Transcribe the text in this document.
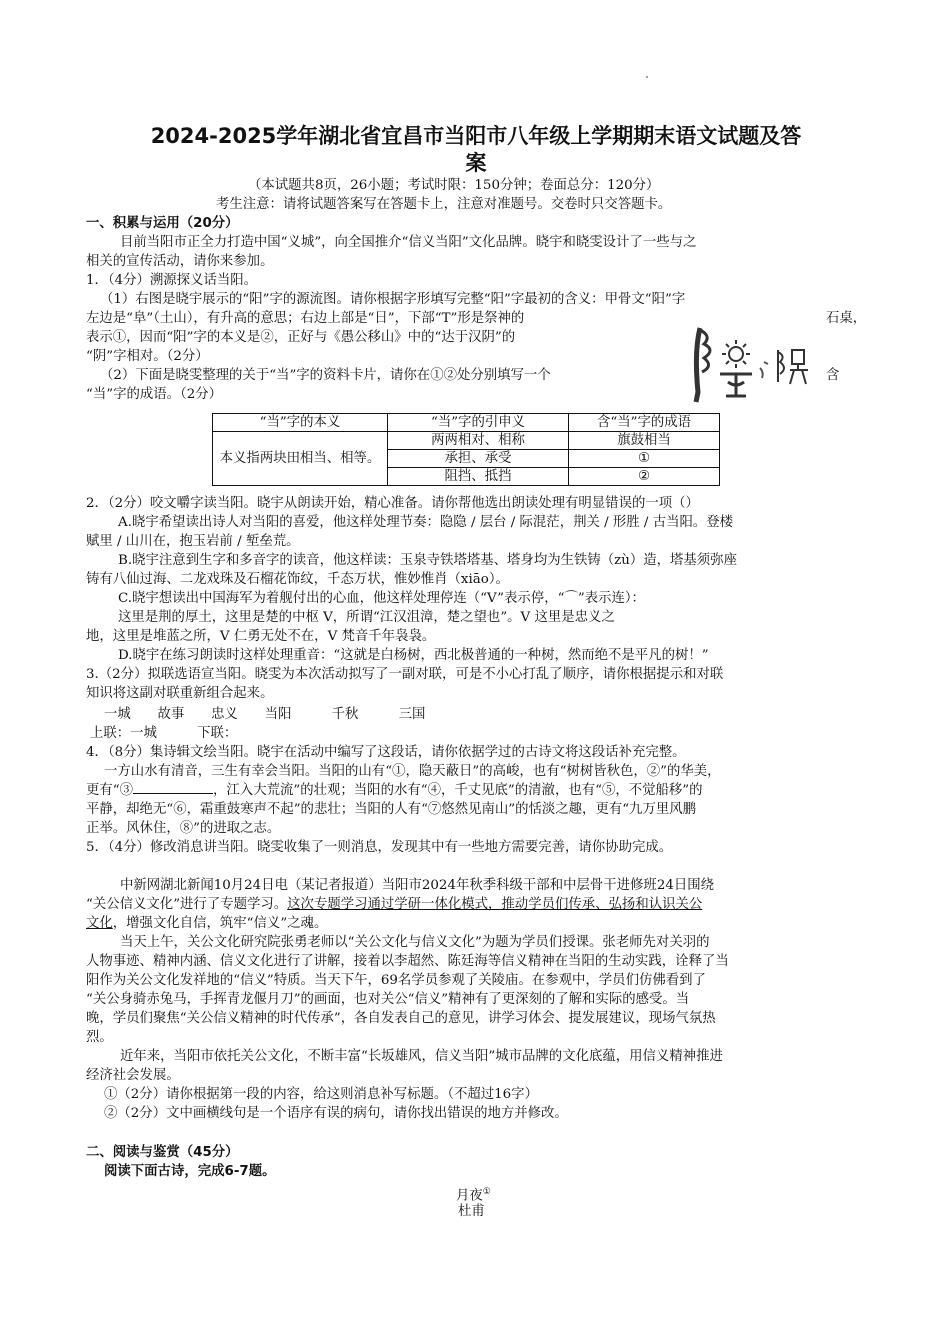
2024-2025学年湖北省宜昌市当阳市八年级上学期期末语文试题及答
案
（本试题共8页，26小题；考试时限：150分钟；卷面总分：120分）
考生注意：请将试题答案写在答题卡上，注意对准题号。交卷时只交答题卡。
一、积累与运用（20分）
目前当阳市正全力打造中国“义城”，向全国推介“信义当阳”文化品牌。晓宇和晓雯设计了一些与之
相关的宣传活动，请你来参加。
1．（4分）溯源探义话当阳。
（1）右图是晓宇展示的“阳”字的源流图。请你根据字形填写完整“阳”字最初的含义：甲骨文“阳”字
左边是“阜”（土山），有升高的意思；右边上部是“日”，下部“T”形是祭神的	石桌，
表示①，因而“阳”字的本义是②，正好与《愚公移山》中的“达于汉阴”的
“阴”字相对。（2分）
（2）下面是晓雯整理的关于“当”字的资料卡片，请你在①②处分别填写一个	含
“当”字的成语。（2分）
“当”字的本义	“当”字的引申义	含“当”字的成语
本义指两块田相当、相等。	两两相对、相称	旗鼓相当
	承担、承受	①
	阻挡、抵挡	②
2．（2分）咬文嚼字读当阳。晓宇从朗读开始，精心准备。请你帮他选出朗读处理有明显错误的一项（）
A.晓宇希望读出诗人对当阳的喜爱，他这样处理节奏：隐隐 / 层台 / 际混茫，荆关 / 形胜 / 古当阳。登楼
赋里 / 山川在，抱玉岩前 / 堑垒荒。
B.晓宇注意到生字和多音字的读音，他这样读：玉泉寺铁塔塔基、塔身均为生铁铸（zù）造，塔基须弥座
铸有八仙过海、二龙戏珠及石榴花饰纹，千态万状，惟妙惟肖（xiāo）。
C.晓宇想读出中国海军为着舰付出的心血，他这样处理停连（“V”表示停，“⌒”表示连）：
这里是荆的厚土，这里是楚的中枢 V，所谓“江汉沮漳，楚之望也”。V 这里是忠义之
地，这里是堆蓝之所，V 仁勇无处不在，V 梵音千年袅袅。
D.晓宇在练习朗读时这样处理重音：“这就是白杨树，西北极普通的一种树，然而绝不是平凡的树！”
3.（2分）拟联选语宣当阳。晓雯为本次活动拟写了一副对联，可是不小心打乱了顺序，请你根据提示和对联
知识将这副对联重新组合起来。
一城　　故事　　忠义　　当阳　　　千秋　　　三国
上联：一城　　　下联：
4．（8分）集诗辑文绘当阳。晓宇在活动中编写了这段话，请你依据学过的古诗文将这段话补充完整。
一方山水有清音，三生有幸会当阳。当阳的山有“①，隐天蔽日”的高峻，也有“树树皆秋色，②”的华美，
更有“③	，江入大荒流”的壮观；当阳的水有“④，千丈见底”的清澈，也有“⑤，不觉船移”的
平静，却绝无“⑥，霜重鼓寒声不起”的悲壮；当阳的人有“⑦悠然见南山”的恬淡之趣，更有“九万里风鹏
正举。风休住，⑧”的进取之志。
5．（4分）修改消息讲当阳。晓雯收集了一则消息，发现其中有一些地方需要完善，请你协助完成。
中新网湖北新闻10月24日电（某记者报道）当阳市2024年秋季科级干部和中层骨干进修班24日围绕
“关公信义文化”进行了专题学习。这次专题学习通过学研一体化模式，推动学员们传承、弘扬和认识关公
文化，增强文化自信，筑牢“信义”之魂。
当天上午，关公文化研究院张勇老师以“关公文化与信义文化”为题为学员们授课。张老师先对关羽的
人物事迹、精神内涵、信义文化进行了讲解，接着以李超然、陈廷海等信义精神在当阳的生动实践，诠释了当
阳作为关公文化发祥地的“信义”特质。当天下午，69名学员参观了关陵庙。在参观中，学员们仿佛看到了
“关公身骑赤兔马，手挥青龙偃月刀”的画面，也对关公“信义”精神有了更深刻的了解和实际的感受。当
晚，学员们聚焦“关公信义精神的时代传承”，各自发表自己的意见，讲学习体会、提发展建议，现场气氛热
烈。
近年来，当阳市依托关公文化，不断丰富“长坂雄风，信义当阳”城市品牌的文化底蕴，用信义精神推进
经济社会发展。
①（2分）请你根据第一段的内容，给这则消息补写标题。（不超过16字）
②（2分）文中画横线句是一个语序有误的病句，请你找出错误的地方并修改。
二、阅读与鉴赏（45分）
阅读下面古诗，完成6-7题。
月夜①
杜甫
